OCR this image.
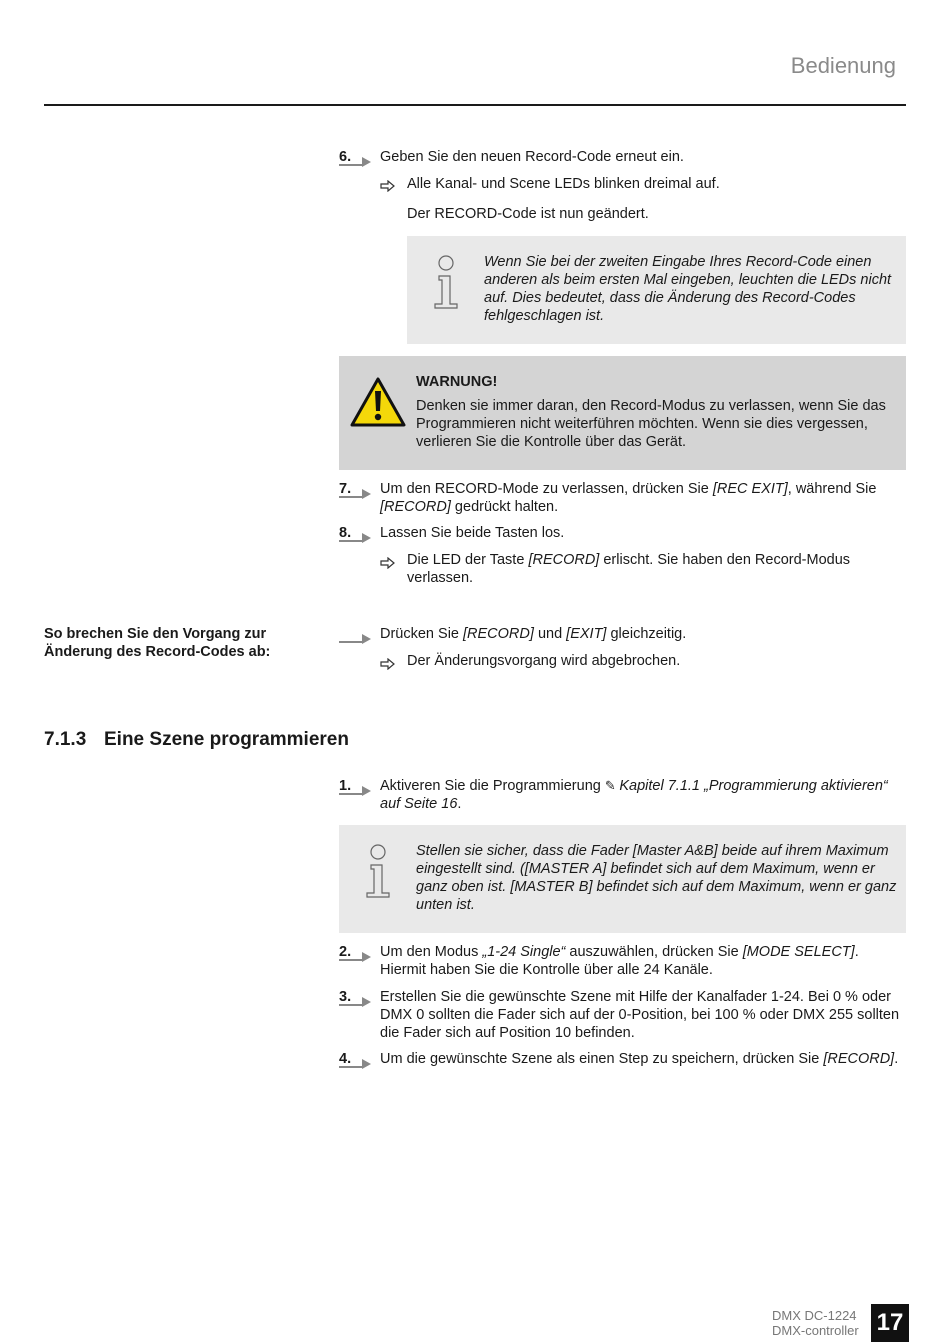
Bedienung
6.	Geben Sie den neuen Record-Code erneut ein.
Alle Kanal- und Scene LEDs blinken dreimal auf.
Der RECORD-Code ist nun geändert.
Wenn Sie bei der zweiten Eingabe Ihres Record-Code einen anderen als beim ersten Mal eingeben, leuchten die LEDs nicht auf. Dies bedeutet, dass die Änderung des Record-Codes fehlgeschlagen ist.
WARNUNG!
Denken sie immer daran, den Record-Modus zu verlassen, wenn Sie das Programmieren nicht weiterführen möchten. Wenn sie dies vergessen, verlieren Sie die Kontrolle über das Gerät.
7.	Um den RECORD-Mode zu verlassen, drücken Sie [REC EXIT], während Sie [RECORD] gedrückt halten.
8.	Lassen Sie beide Tasten los.
Die LED der Taste [RECORD] erlischt. Sie haben den Record-Modus verlassen.
So brechen Sie den Vorgang zur Änderung des Record-Codes ab:
Drücken Sie [RECORD] und [EXIT] gleichzeitig.
Der Änderungsvorgang wird abgebrochen.
7.1.3 Eine Szene programmieren
1.	Aktiveren Sie die Programmierung ✎ Kapitel 7.1.1 „Programmierung aktivieren“ auf Seite 16.
Stellen sie sicher, dass die Fader [Master A&B] beide auf ihrem Maximum eingestellt sind. ([MASTER A] befindet sich auf dem Maximum, wenn er ganz oben ist. [MASTER B] befindet sich auf dem Maximum, wenn er ganz unten ist.
2.	Um den Modus „1-24 Single“ auszuwählen, drücken Sie [MODE SELECT]. Hiermit haben Sie die Kontrolle über alle 24 Kanäle.
3.	Erstellen Sie die gewünschte Szene mit Hilfe der Kanalfader 1-24. Bei 0 % oder DMX 0 sollten die Fader sich auf der 0-Position, bei 100 % oder DMX 255 sollten die Fader sich auf Position 10 befinden.
4.	Um die gewünschte Szene als einen Step zu speichern, drücken Sie [RECORD].
DMX DC-1224
DMX-controller 17
